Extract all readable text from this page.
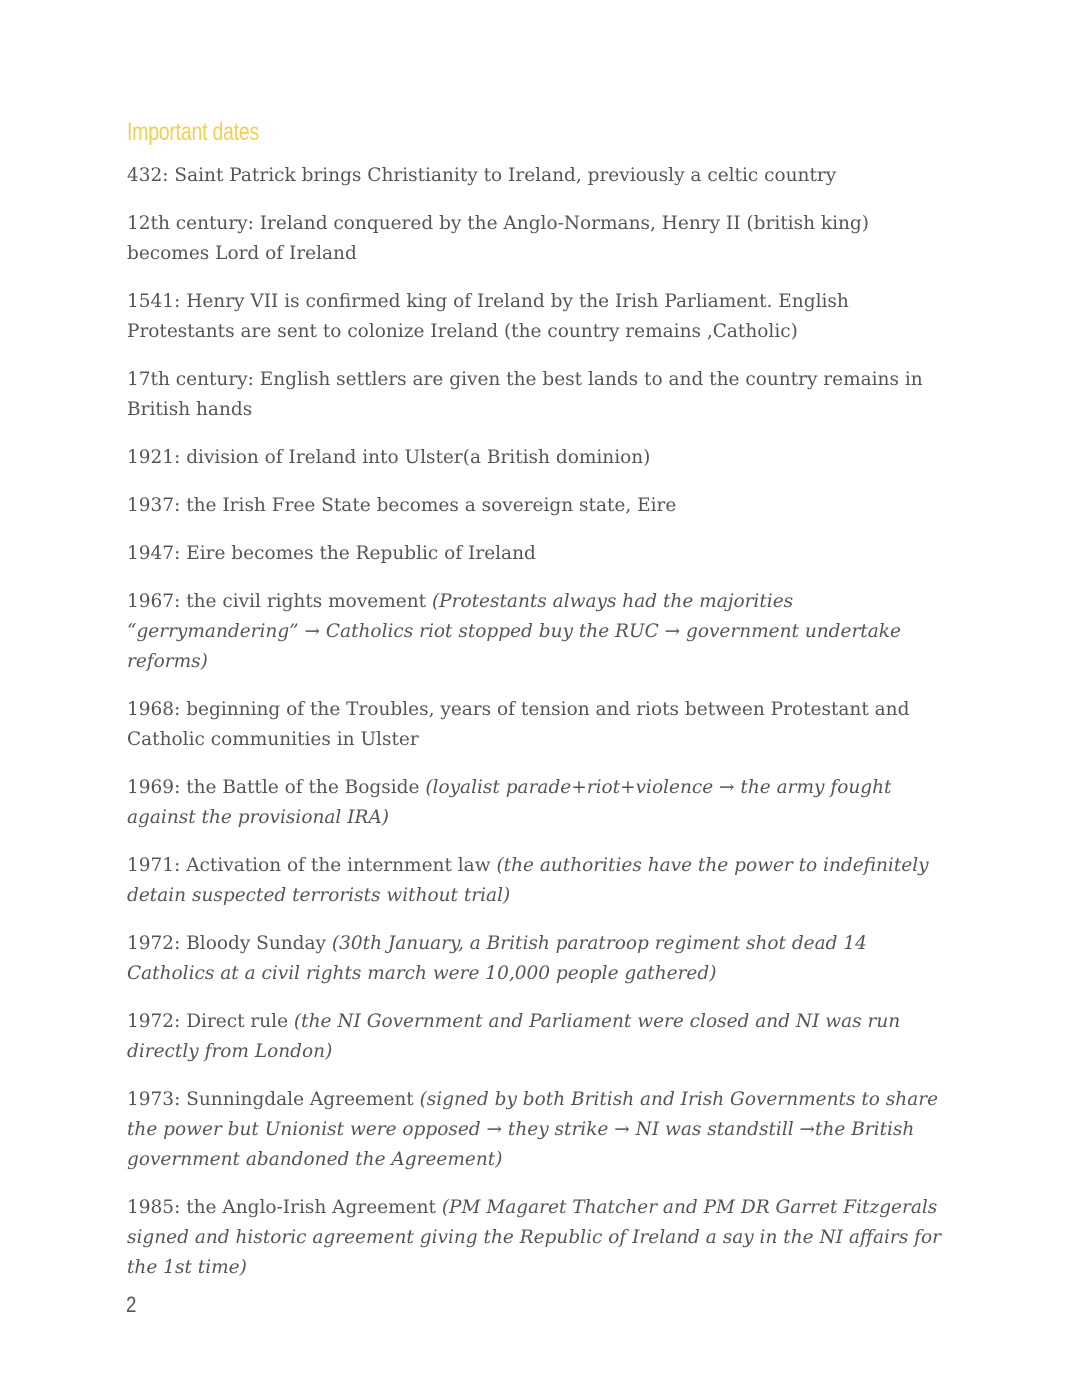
Important dates
432: Saint Patrick brings Christianity to Ireland, previously a celtic country
12th century: Ireland conquered by the Anglo-Normans, Henry II (british king) becomes Lord of Ireland
1541: Henry VII is confirmed king of Ireland by the Irish Parliament. English Protestants are sent to colonize Ireland (the country remains ,Catholic)
17th century: English settlers are given the best lands to and the country remains in British hands
1921: division of Ireland into Ulster(a British dominion)
1937: the Irish Free State becomes a sovereign state, Eire
1947: Eire becomes the Republic of Ireland
1967: the civil rights movement (Protestants always had the majorities “gerrymandering” → Catholics riot stopped buy the RUC → government undertake reforms)
1968: beginning of the Troubles, years of tension and riots between Protestant and Catholic communities in Ulster
1969: the Battle of the Bogside (loyalist parade+riot+violence → the army fought against the provisional IRA)
1971: Activation of the internment law (the authorities have the power to indefinitely detain suspected terrorists without trial)
1972: Bloody Sunday (30th January, a British paratroop regiment shot dead 14 Catholics at a civil rights march were 10,000 people gathered)
1972: Direct rule (the NI Government and Parliament were closed and NI was run directly from London)
1973: Sunningdale Agreement (signed by both British and Irish Governments to share the power but Unionist were opposed → they strike → NI was standstill →the British government abandoned the Agreement)
1985: the Anglo-Irish Agreement (PM Magaret Thatcher and PM DR Garret Fitzgerals signed and historic agreement giving the Republic of Ireland a say in the NI affairs for the 1st time)
2
